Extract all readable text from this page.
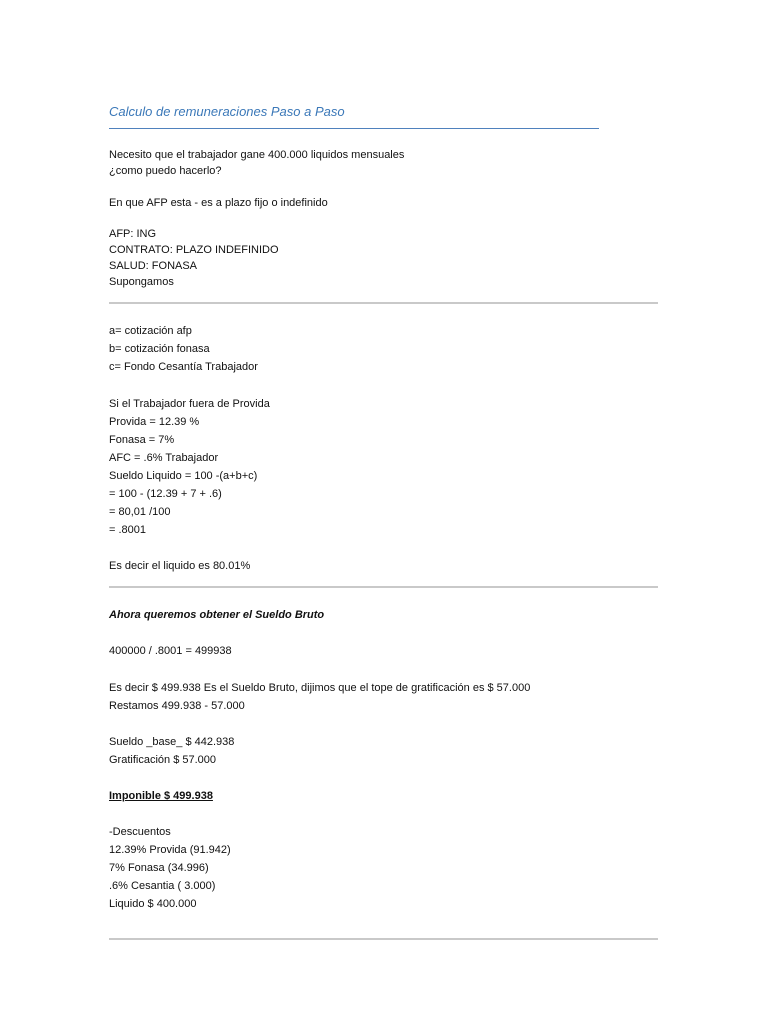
Calculo de remuneraciones Paso a Paso
Necesito que el trabajador gane 400.000 liquidos mensuales
¿como puedo hacerlo?
En que AFP esta - es a plazo fijo o indefinido
AFP: ING
CONTRATO: PLAZO INDEFINIDO
SALUD: FONASA
Supongamos
a= cotización afp
b= cotización fonasa
c= Fondo Cesantía Trabajador
Si el Trabajador fuera de Provida
Provida = 12.39 %
Fonasa = 7%
AFC = .6% Trabajador
Sueldo Liquido = 100 -(a+b+c)
= 100 - (12.39 + 7 + .6)
= 80,01 /100
= .8001
Es decir el liquido es 80.01%
Ahora queremos obtener el Sueldo Bruto
400000 / .8001 = 499938
Es decir $ 499.938 Es el Sueldo Bruto, dijimos que el tope de gratificación es $ 57.000
Restamos 499.938 - 57.000
Sueldo _base_ $ 442.938
Gratificación $ 57.000
Imponible $ 499.938
-Descuentos
12.39% Provida (91.942)
7% Fonasa (34.996)
.6% Cesantia ( 3.000)
Liquido $ 400.000
